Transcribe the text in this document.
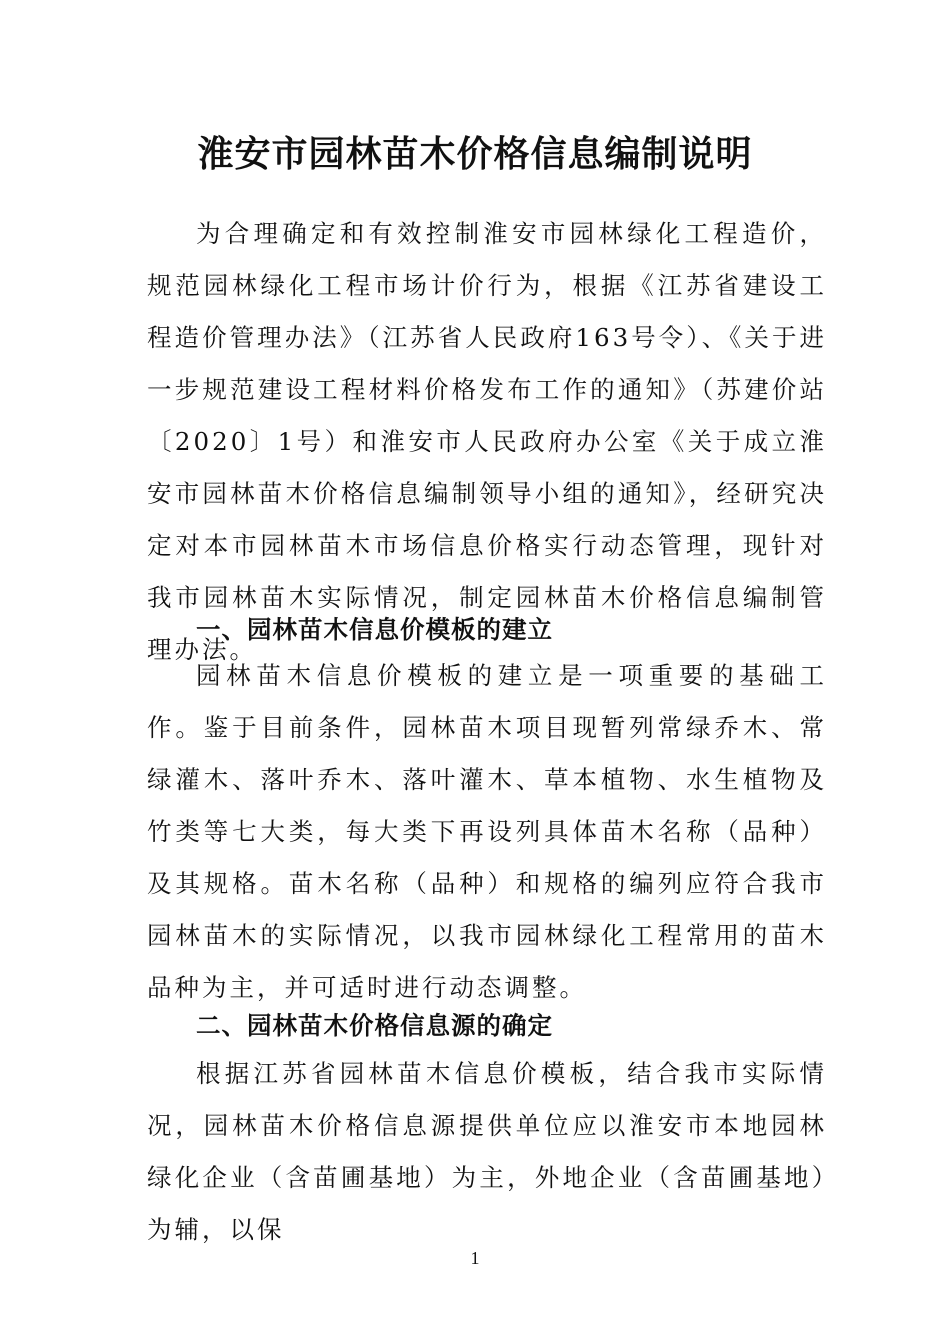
淮安市园林苗木价格信息编制说明

为合理确定和有效控制淮安市园林绿化工程造价，规范园林绿化工程市场计价行为，根据《江苏省建设工程造价管理办法》（江苏省人民政府163号令）、《关于进一步规范建设工程材料价格发布工作的通知》（苏建价站〔2020〕1号）和淮安市人民政府办公室《关于成立淮安市园林苗木价格信息编制领导小组的通知》，经研究决定对本市园林苗木市场信息价格实行动态管理，现针对我市园林苗木实际情况，制定园林苗木价格信息编制管理办法。

一、园林苗木信息价模板的建立

园林苗木信息价模板的建立是一项重要的基础工作。鉴于目前条件，园林苗木项目现暂列常绿乔木、常绿灌木、落叶乔木、落叶灌木、草本植物、水生植物及竹类等七大类，每大类下再设列具体苗木名称（品种）及其规格。苗木名称（品种）和规格的编列应符合我市园林苗木的实际情况，以我市园林绿化工程常用的苗木品种为主，并可适时进行动态调整。

二、园林苗木价格信息源的确定

根据江苏省园林苗木信息价模板，结合我市实际情况，园林苗木价格信息源提供单位应以淮安市本地园林绿化企业（含苗圃基地）为主，外地企业（含苗圃基地）为辅，以保

1
